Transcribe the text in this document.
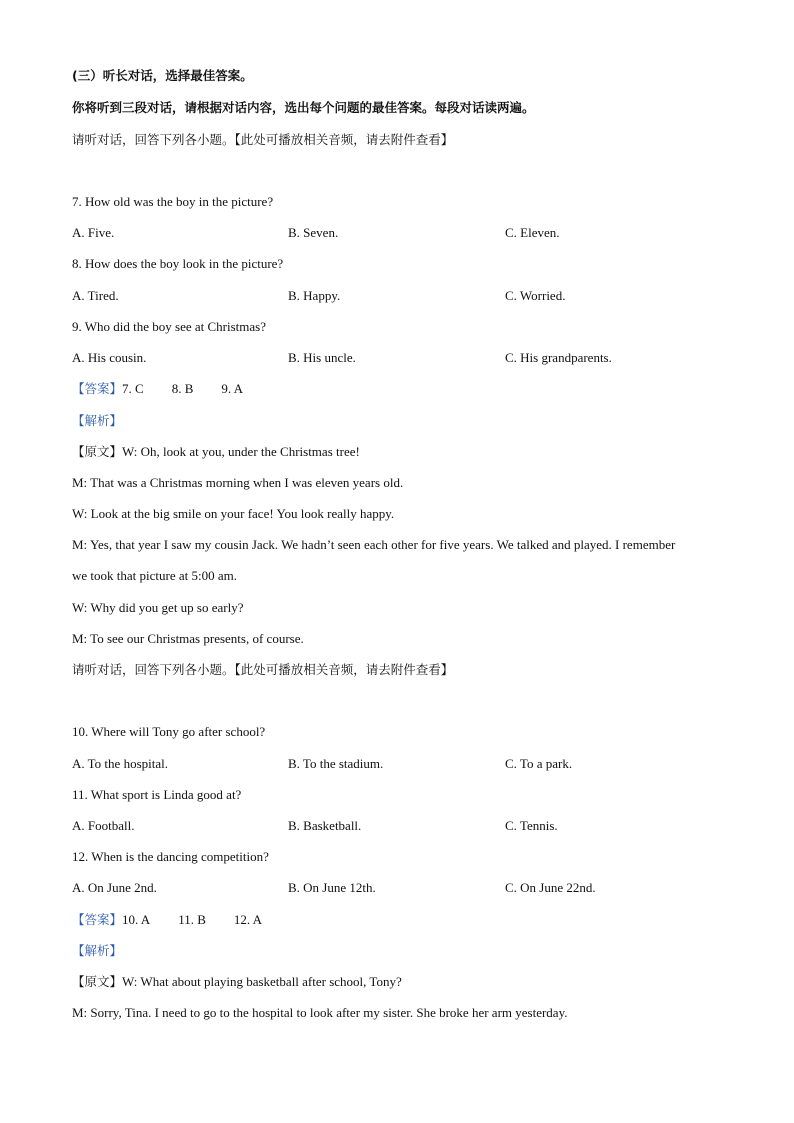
(三）听长对话，选择最佳答案。
你将听到三段对话，请根据对话内容，选出每个问题的最佳答案。每段对话读两遍。
请听对话，回答下列各小题。【此处可播放相关音频，请去附件查看】
7. How old was the boy in the picture?
A. Five.	B. Seven.	C. Eleven.
8. How does the boy look in the picture?
A. Tired.	B. Happy.	C. Worried.
9. Who did the boy see at Christmas?
A. His cousin.	B. His uncle.	C. His grandparents.
【答案】7. C 8. B 9. A
【解析】
【原文】W: Oh, look at you, under the Christmas tree!
M: That was a Christmas morning when I was eleven years old.
W: Look at the big smile on your face! You look really happy.
M: Yes, that year I saw my cousin Jack. We hadn’t seen each other for five years. We talked and played. I remember
we took that picture at 5:00 am.
W: Why did you get up so early?
M: To see our Christmas presents, of course.
请听对话，回答下列各小题。【此处可播放相关音频，请去附件查看】
10. Where will Tony go after school?
A. To the hospital.	B. To the stadium.	C. To a park.
11. What sport is Linda good at?
A. Football.	B. Basketball.	C. Tennis.
12. When is the dancing competition?
A. On June 2nd.	B. On June 12th.	C. On June 22nd.
【答案】10. A 11. B 12. A
【解析】
【原文】W: What about playing basketball after school, Tony?
M: Sorry, Tina. I need to go to the hospital to look after my sister. She broke her arm yesterday.
